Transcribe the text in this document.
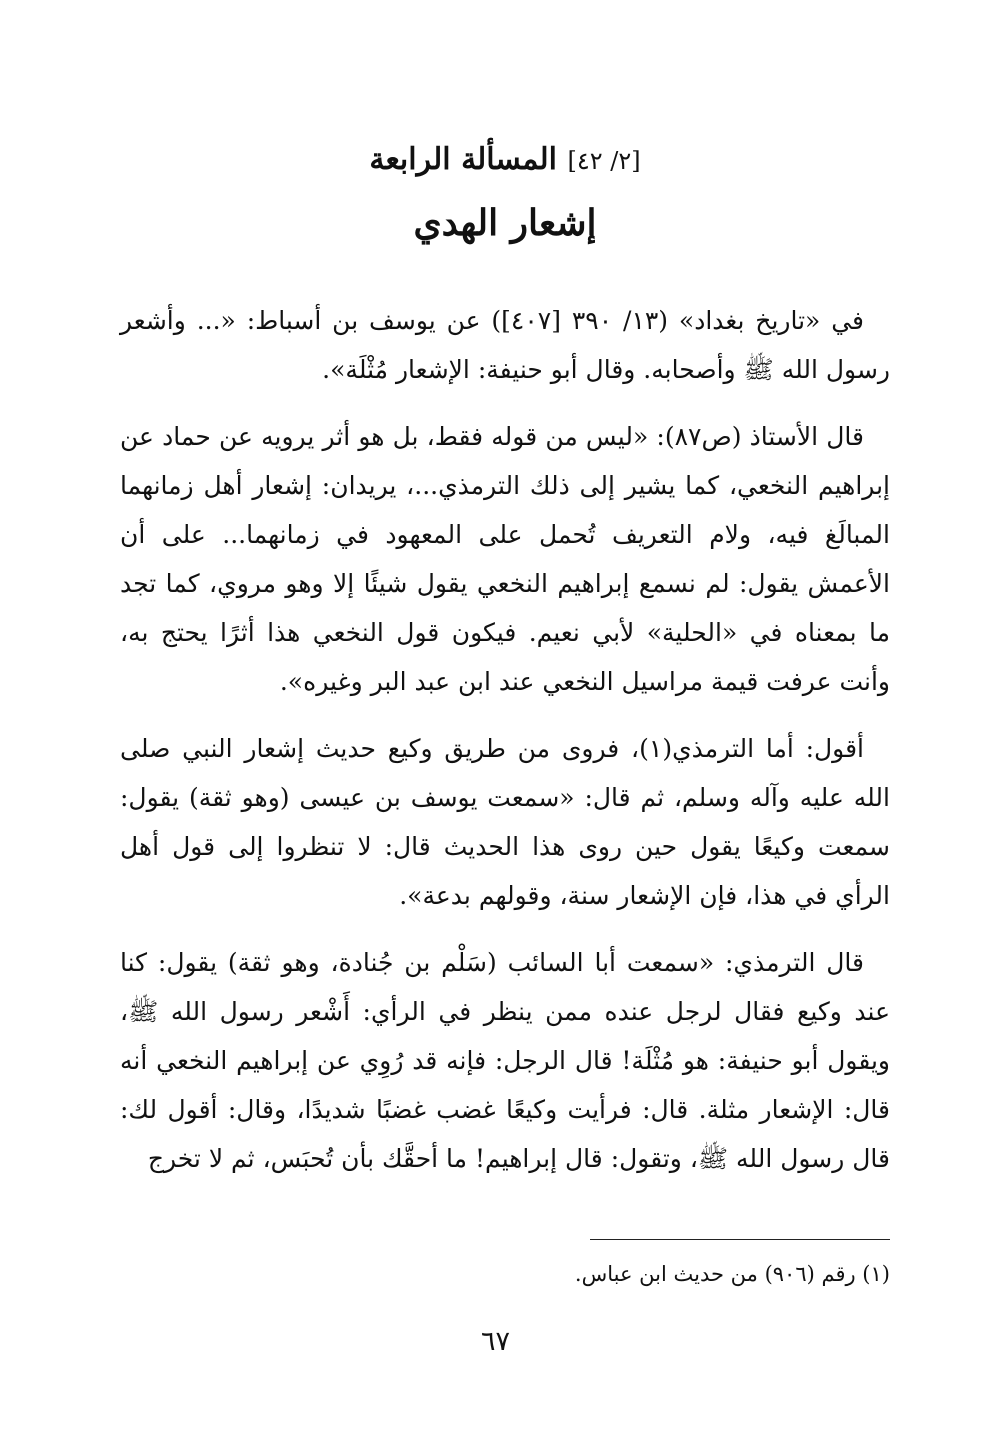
[٢/ ٤٢] المسألة الرابعة
إشعار الهدي

في «تاريخ بغداد» (١٣/ ٣٩٠ [٤٠٧]) عن يوسف بن أسباط: «... وأشعر رسول الله ﷺ وأصحابه. وقال أبو حنيفة: الإشعار مُثْلَة».

قال الأستاذ (ص٨٧): «ليس من قوله فقط، بل هو أثر يرويه عن حماد عن إبراهيم النخعي، كما يشير إلى ذلك الترمذي...، يريدان: إشعار أهل زمانهما المبالَغ فيه، ولام التعريف تُحمل على المعهود في زمانهما... على أن الأعمش يقول: لم نسمع إبراهيم النخعي يقول شيئًا إلا وهو مروي، كما تجد ما بمعناه في «الحلية» لأبي نعيم. فيكون قول النخعي هذا أثرًا يحتج به، وأنت عرفت قيمة مراسيل النخعي عند ابن عبد البر وغيره».

أقول: أما الترمذي(١)، فروى من طريق وكيع حديث إشعار النبي صلى الله عليه وآله وسلم، ثم قال: «سمعت يوسف بن عيسى (وهو ثقة) يقول: سمعت وكيعًا يقول حين روى هذا الحديث قال: لا تنظروا إلى قول أهل الرأي في هذا، فإن الإشعار سنة، وقولهم بدعة».

قال الترمذي: «سمعت أبا السائب (سَلْم بن جُنادة، وهو ثقة) يقول: كنا عند وكيع فقال لرجل عنده ممن ينظر في الرأي: أَشْعر رسول الله ﷺ، ويقول أبو حنيفة: هو مُثْلَة! قال الرجل: فإنه قد رُوِي عن إبراهيم النخعي أنه قال: الإشعار مثلة. قال: فرأيت وكيعًا غضب غضبًا شديدًا، وقال: أقول لك: قال رسول الله ﷺ، وتقول: قال إبراهيم! ما أحقَّك بأن تُحبَس، ثم لا تخرج

(١) رقم (٩٠٦) من حديث ابن عباس.
٦٧
